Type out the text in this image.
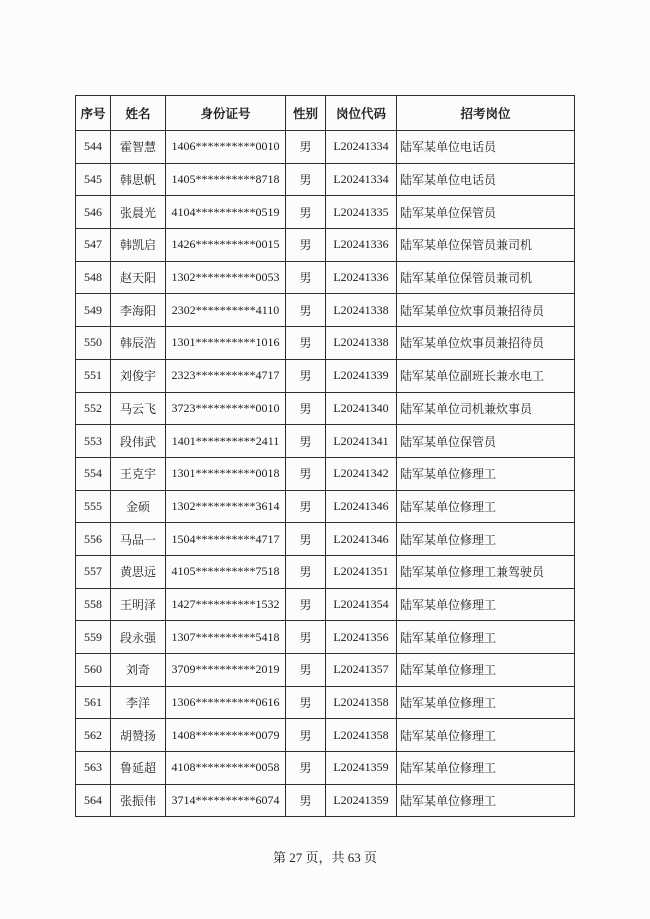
序号	姓名	身份证号	性别	岗位代码	招考岗位
544	霍智慧	1406**********0010	男	L20241334	陆军某单位电话员
545	韩思帆	1405**********8718	男	L20241334	陆军某单位电话员
546	张晨光	4104**********0519	男	L20241335	陆军某单位保管员
547	韩凯启	1426**********0015	男	L20241336	陆军某单位保管员兼司机
548	赵天阳	1302**********0053	男	L20241336	陆军某单位保管员兼司机
549	李海阳	2302**********4110	男	L20241338	陆军某单位炊事员兼招待员
550	韩辰浩	1301**********1016	男	L20241338	陆军某单位炊事员兼招待员
551	刘俊宇	2323**********4717	男	L20241339	陆军某单位副班长兼水电工
552	马云飞	3723**********0010	男	L20241340	陆军某单位司机兼炊事员
553	段伟武	1401**********2411	男	L20241341	陆军某单位保管员
554	王克宇	1301**********0018	男	L20241342	陆军某单位修理工
555	金硕	1302**********3614	男	L20241346	陆军某单位修理工
556	马品一	1504**********4717	男	L20241346	陆军某单位修理工
557	黄思远	4105**********7518	男	L20241351	陆军某单位修理工兼驾驶员
558	王明泽	1427**********1532	男	L20241354	陆军某单位修理工
559	段永强	1307**********5418	男	L20241356	陆军某单位修理工
560	刘奇	3709**********2019	男	L20241357	陆军某单位修理工
561	李洋	1306**********0616	男	L20241358	陆军某单位修理工
562	胡赞扬	1408**********0079	男	L20241358	陆军某单位修理工
563	鲁延超	4108**********0058	男	L20241359	陆军某单位修理工
564	张振伟	3714**********6074	男	L20241359	陆军某单位修理工
第 27 页，共 63 页
